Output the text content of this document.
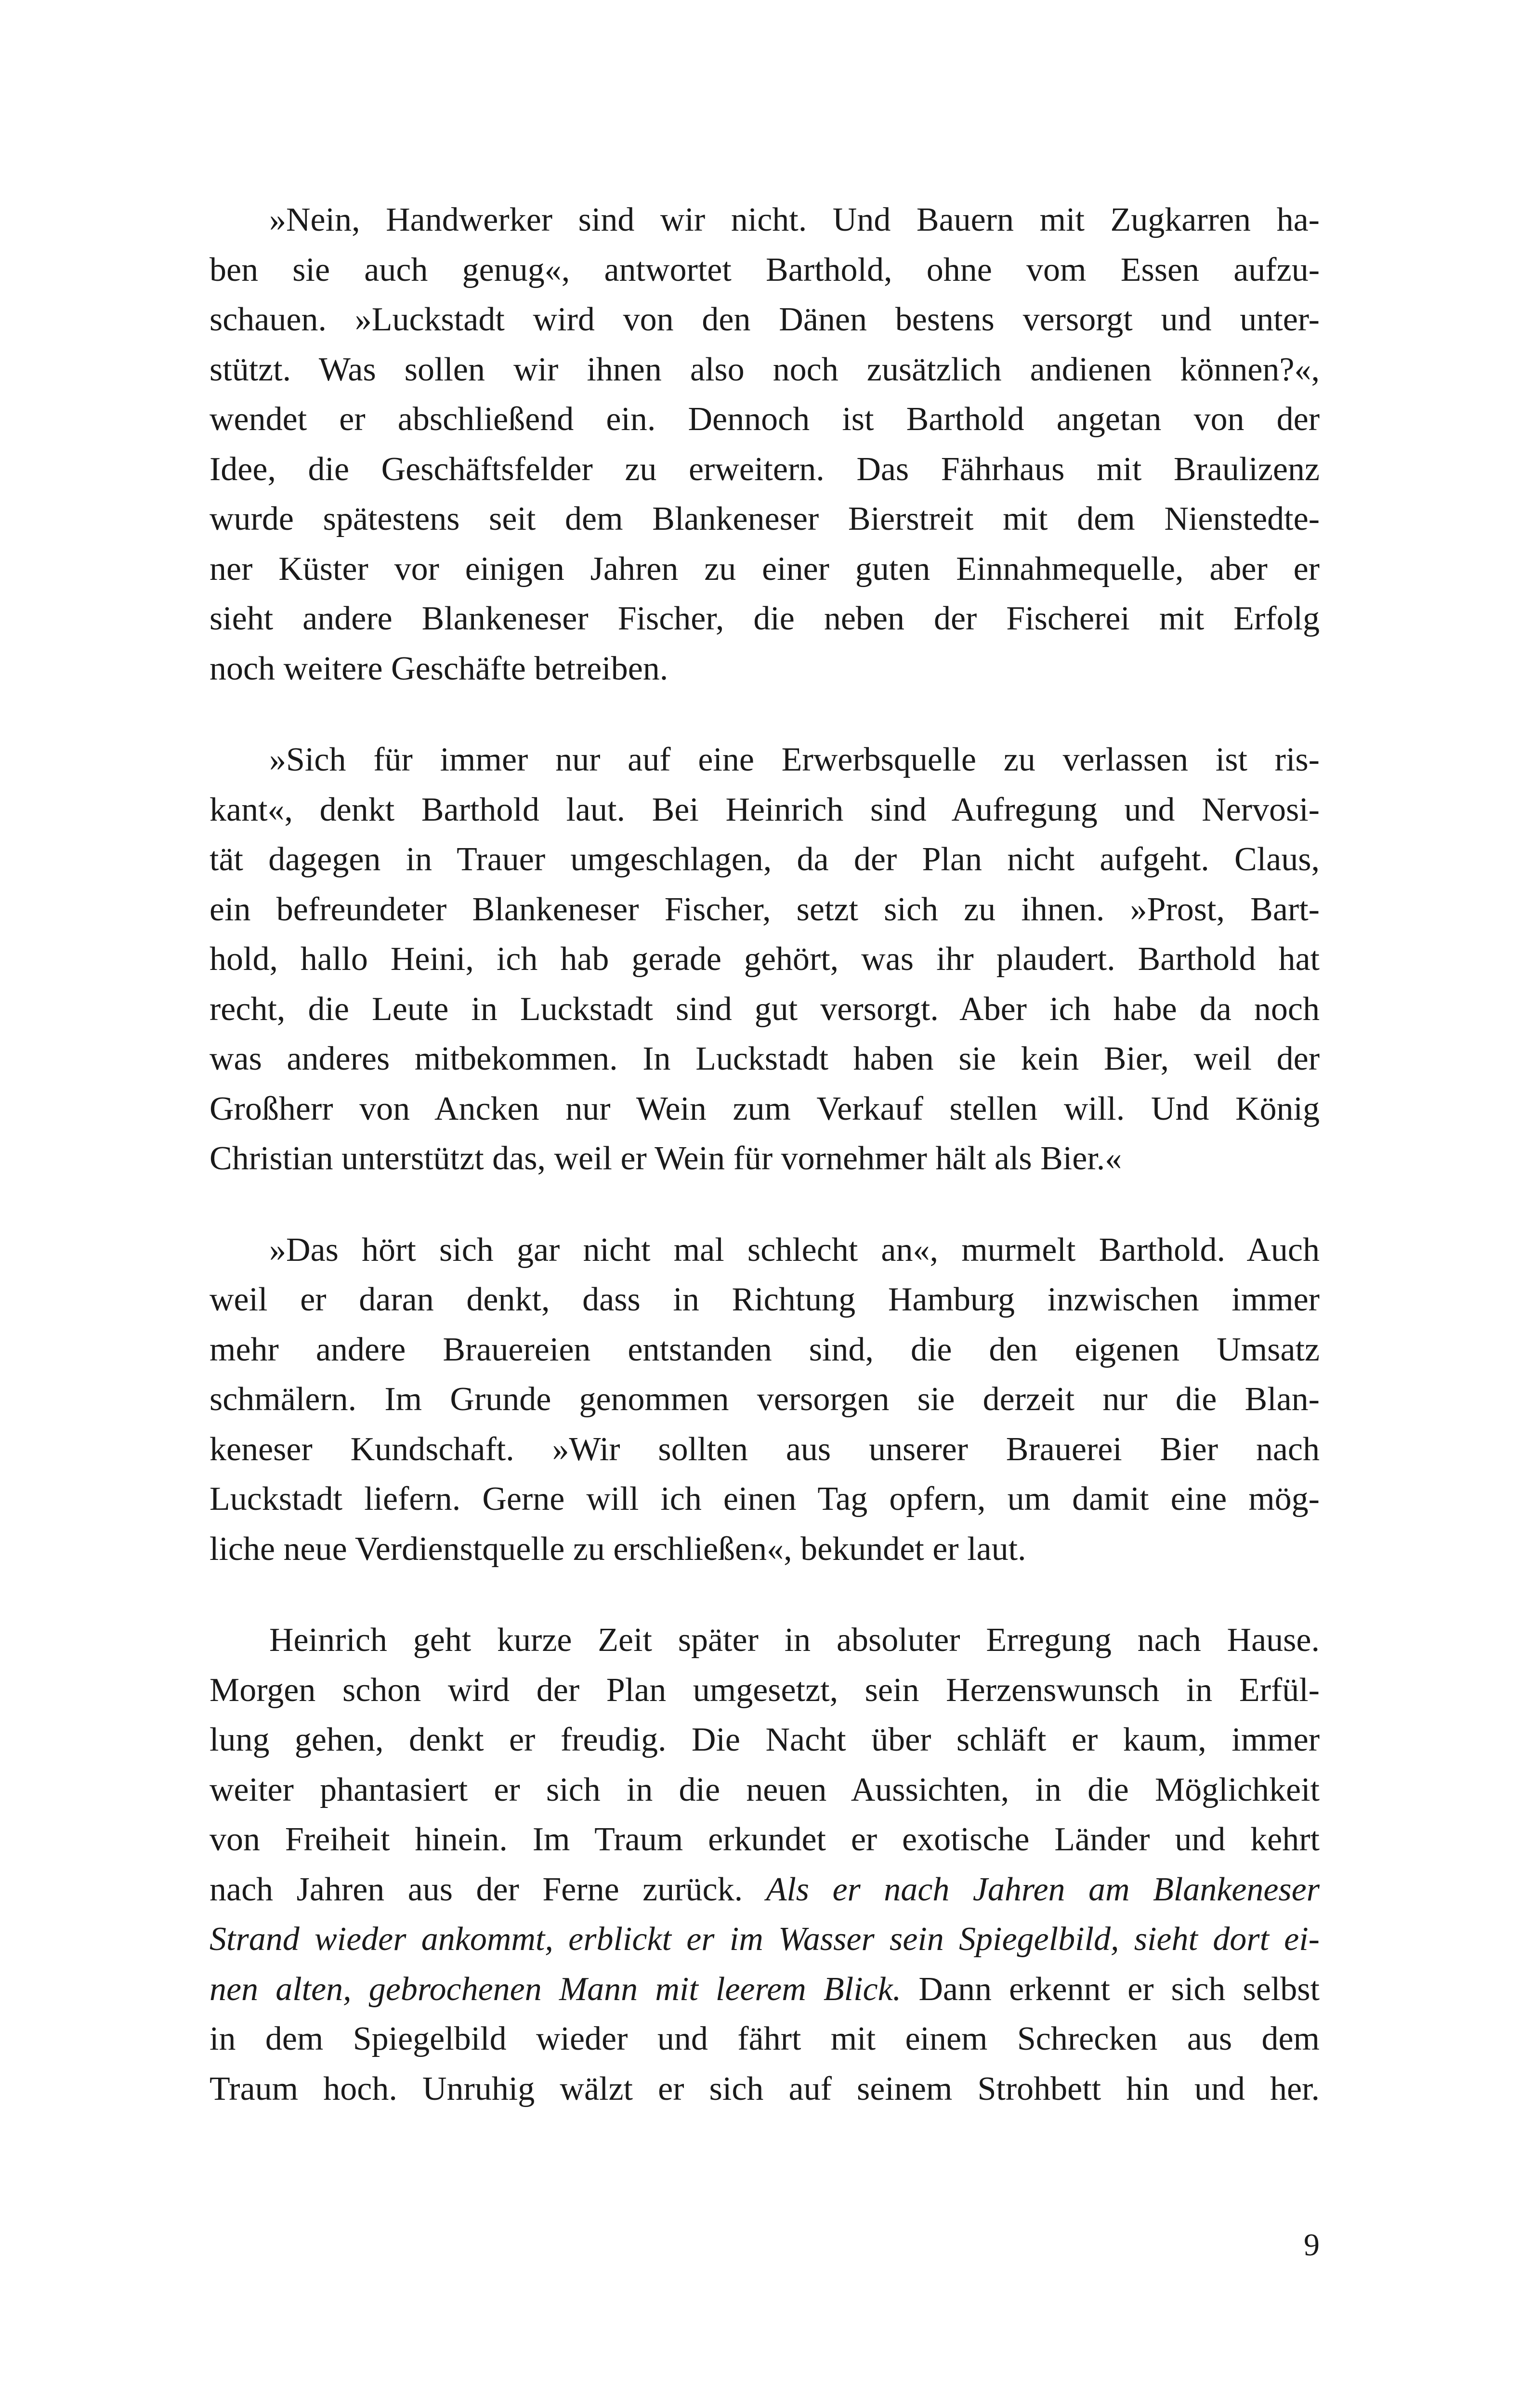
»Nein, Handwerker sind wir nicht. Und Bauern mit Zugkarren ha-
ben sie auch genug«, antwortet Barthold, ohne vom Essen aufzu-
schauen. »Luckstadt wird von den Dänen bestens versorgt und unter-
stützt. Was sollen wir ihnen also noch zusätzlich andienen können?«,
wendet er abschließend ein. Dennoch ist Barthold angetan von der
Idee, die Geschäftsfelder zu erweitern. Das Fährhaus mit Braulizenz
wurde spätestens seit dem Blankeneser Bierstreit mit dem Nienstedte-
ner Küster vor einigen Jahren zu einer guten Einnahmequelle, aber er
sieht andere Blankeneser Fischer, die neben der Fischerei mit Erfolg
noch weitere Geschäfte betreiben.
»Sich für immer nur auf eine Erwerbsquelle zu verlassen ist ris-
kant«, denkt Barthold laut. Bei Heinrich sind Aufregung und Nervosi-
tät dagegen in Trauer umgeschlagen, da der Plan nicht aufgeht. Claus,
ein befreundeter Blankeneser Fischer, setzt sich zu ihnen. »Prost, Bart-
hold, hallo Heini, ich hab gerade gehört, was ihr plaudert. Barthold hat
recht, die Leute in Luckstadt sind gut versorgt. Aber ich habe da noch
was anderes mitbekommen. In Luckstadt haben sie kein Bier, weil der
Großherr von Ancken nur Wein zum Verkauf stellen will. Und König
Christian unterstützt das, weil er Wein für vornehmer hält als Bier.«
»Das hört sich gar nicht mal schlecht an«, murmelt Barthold. Auch
weil er daran denkt, dass in Richtung Hamburg inzwischen immer
mehr andere Brauereien entstanden sind, die den eigenen Umsatz
schmälern. Im Grunde genommen versorgen sie derzeit nur die Blan-
keneser Kundschaft. »Wir sollten aus unserer Brauerei Bier nach
Luckstadt liefern. Gerne will ich einen Tag opfern, um damit eine mög-
liche neue Verdienstquelle zu erschließen«, bekundet er laut.
Heinrich geht kurze Zeit später in absoluter Erregung nach Hause.
Morgen schon wird der Plan umgesetzt, sein Herzenswunsch in Erfül-
lung gehen, denkt er freudig. Die Nacht über schläft er kaum, immer
weiter phantasiert er sich in die neuen Aussichten, in die Möglichkeit
von Freiheit hinein. Im Traum erkundet er exotische Länder und kehrt
nach Jahren aus der Ferne zurück. Als er nach Jahren am Blankeneser
Strand wieder ankommt, erblickt er im Wasser sein Spiegelbild, sieht dort ei-
nen alten, gebrochenen Mann mit leerem Blick. Dann erkennt er sich selbst
in dem Spiegelbild wieder und fährt mit einem Schrecken aus dem
Traum hoch. Unruhig wälzt er sich auf seinem Strohbett hin und her.
9
